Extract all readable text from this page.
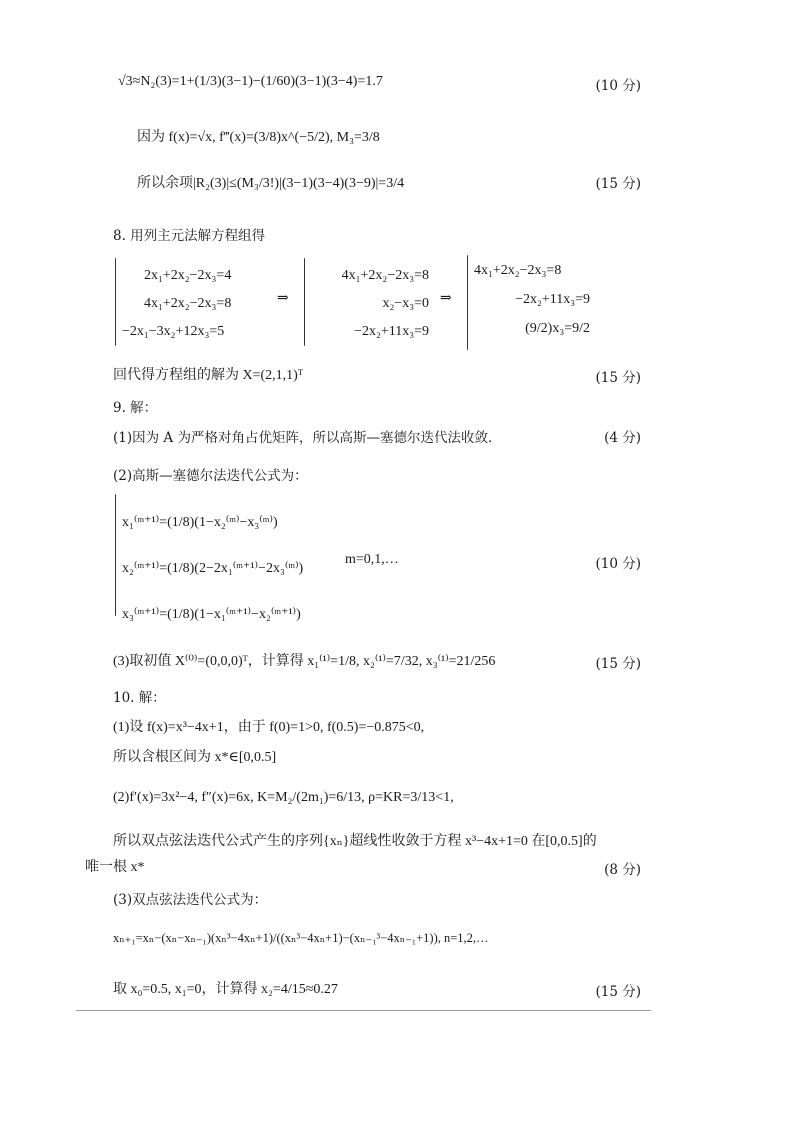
√3≈N₂(3)=1+(1/3)(3−1)−(1/60)(3−1)(3−4)=1.7	(10 分)
因为 f(x)=√x, f‴(x)=(3/8)x^(−5/2), M₃=3/8
所以余项|R₂(3)|≤(M₃/3!)|(3−1)(3−4)(3−9)|=3/4	(15 分)
8. 用列主元法解方程组得
2x₁+2x₂−2x₃=4
4x₁+2x₂−2x₃=8
−2x₁−3x₂+12x₃=5
⇒
4x₁+2x₂−2x₃=8
x₂−x₃=0
−2x₂+11x₃=9
⇒
4x₁+2x₂−2x₃=8
−2x₂+11x₃=9
(9/2)x₃=9/2
回代得方程组的解为 X=(2,1,1)ᵀ	(15 分)
9. 解：
(1)因为 A 为严格对角占优矩阵，所以高斯—塞德尔迭代法收敛．	(4 分)
(2)高斯—塞德尔法迭代公式为：
x₁⁽ᵐ⁺¹⁾=(1/8)(1−x₂⁽ᵐ⁾−x₃⁽ᵐ⁾)
x₂⁽ᵐ⁺¹⁾=(1/8)(2−2x₁⁽ᵐ⁺¹⁾−2x₃⁽ᵐ⁾)
x₃⁽ᵐ⁺¹⁾=(1/8)(1−x₁⁽ᵐ⁺¹⁾−x₂⁽ᵐ⁺¹⁾)
m=0,1,…	(10 分)
(3)取初值 X⁽⁰⁾=(0,0,0)ᵀ，计算得 x₁⁽¹⁾=1/8, x₂⁽¹⁾=7/32, x₃⁽¹⁾=21/256	(15 分)
10. 解：
(1)设 f(x)=x³−4x+1，由于 f(0)=1>0, f(0.5)=−0.875<0,
所以含根区间为 x*∈[0,0.5]
(2)f′(x)=3x²−4, f″(x)=6x, K=M₂/(2m₁)=6/13, ρ=KR=3/13<1,
所以双点弦法迭代公式产生的序列{xₙ}超线性收敛于方程 x³−4x+1=0 在[0,0.5]的
唯一根 x*	(8 分)
(3)双点弦法迭代公式为：
xₙ₊₁=xₙ−(xₙ−xₙ₋₁)(xₙ³−4xₙ+1)/((xₙ³−4xₙ+1)−(xₙ₋₁³−4xₙ₋₁+1)), n=1,2,…
取 x₀=0.5, x₁=0，计算得 x₂=4/15≈0.27	(15 分)
